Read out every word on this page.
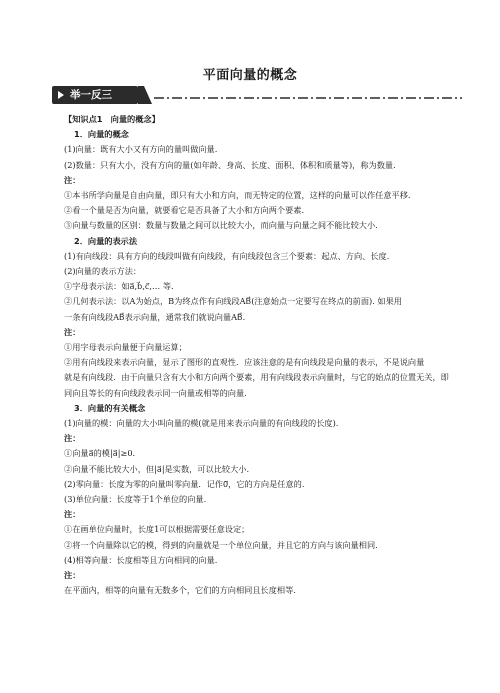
平面向量的概念
举一反三
【知识点1　向量的概念】
1．向量的概念
(1)向量：既有大小又有方向的量叫做向量.
(2)数量：只有大小，没有方向的量(如年龄、身高、长度、面积、体积和质量等)，称为数量.
注：
①本书所学向量是自由向量，即只有大小和方向，而无特定的位置，这样的向量可以作任意平移.
②看一个量是否为向量，就要看它是否具备了大小和方向两个要素.
③向量与数量的区别：数量与数量之间可以比较大小，而向量与向量之间不能比较大小.
2．向量的表示法
(1)有向线段：具有方向的线段叫做有向线段，有向线段包含三个要素：起点、方向、长度.
(2)向量的表示方法：
①字母表示法：如a⃗,b⃗,c⃗,… 等.
②几何表示法：以A为始点，B为终点作有向线段AB⃗(注意始点一定要写在终点的前面). 如果用
一条有向线段AB⃗表示向量，通常我们就说向量AB⃗.
注：
①用字母表示向量便于向量运算；
②用有向线段来表示向量，显示了图形的直观性．应该注意的是有向线段是向量的表示，不是说向量
就是有向线段．由于向量只含有大小和方向两个要素，用有向线段表示向量时，与它的始点的位置无关，即
同向且等长的有向线段表示同一向量或相等的向量.
3．向量的有关概念
(1)向量的模：向量的大小叫向量的模(就是用来表示向量的有向线段的长度).
注：
①向量a⃗的模|a⃗|≥0.
②向量不能比较大小，但|a⃗|是实数，可以比较大小.
(2)零向量：长度为零的向量叫零向量．记作0⃗，它的方向是任意的.
(3)单位向量：长度等于1个单位的向量.
注：
①在画单位向量时，长度1可以根据需要任意设定；
②将一个向量除以它的模，得到的向量就是一个单位向量，并且它的方向与该向量相同.
(4)相等向量：长度相等且方向相同的向量.
注：
在平面内，相等的向量有无数多个，它们的方向相同且长度相等.
